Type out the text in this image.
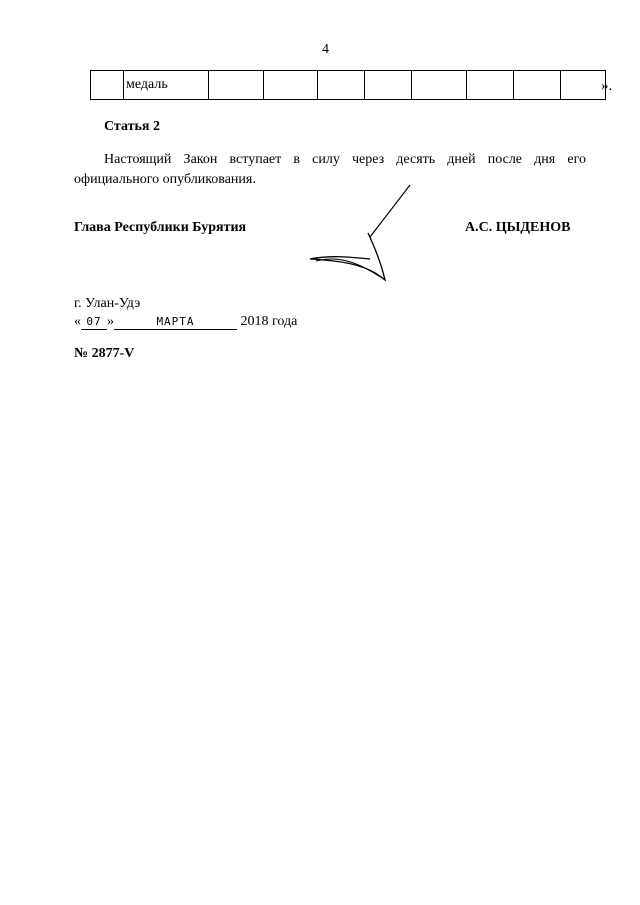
4
	медаль									».
Статья 2
Настоящий Закон вступает в силу через десять дней после дня его официального опубликования.
Глава Республики Бурятия	А.С. ЦЫДЕНОВ
г. Улан-Удэ
« 07 »	МАРТА	2018 года
№ 2877-V
